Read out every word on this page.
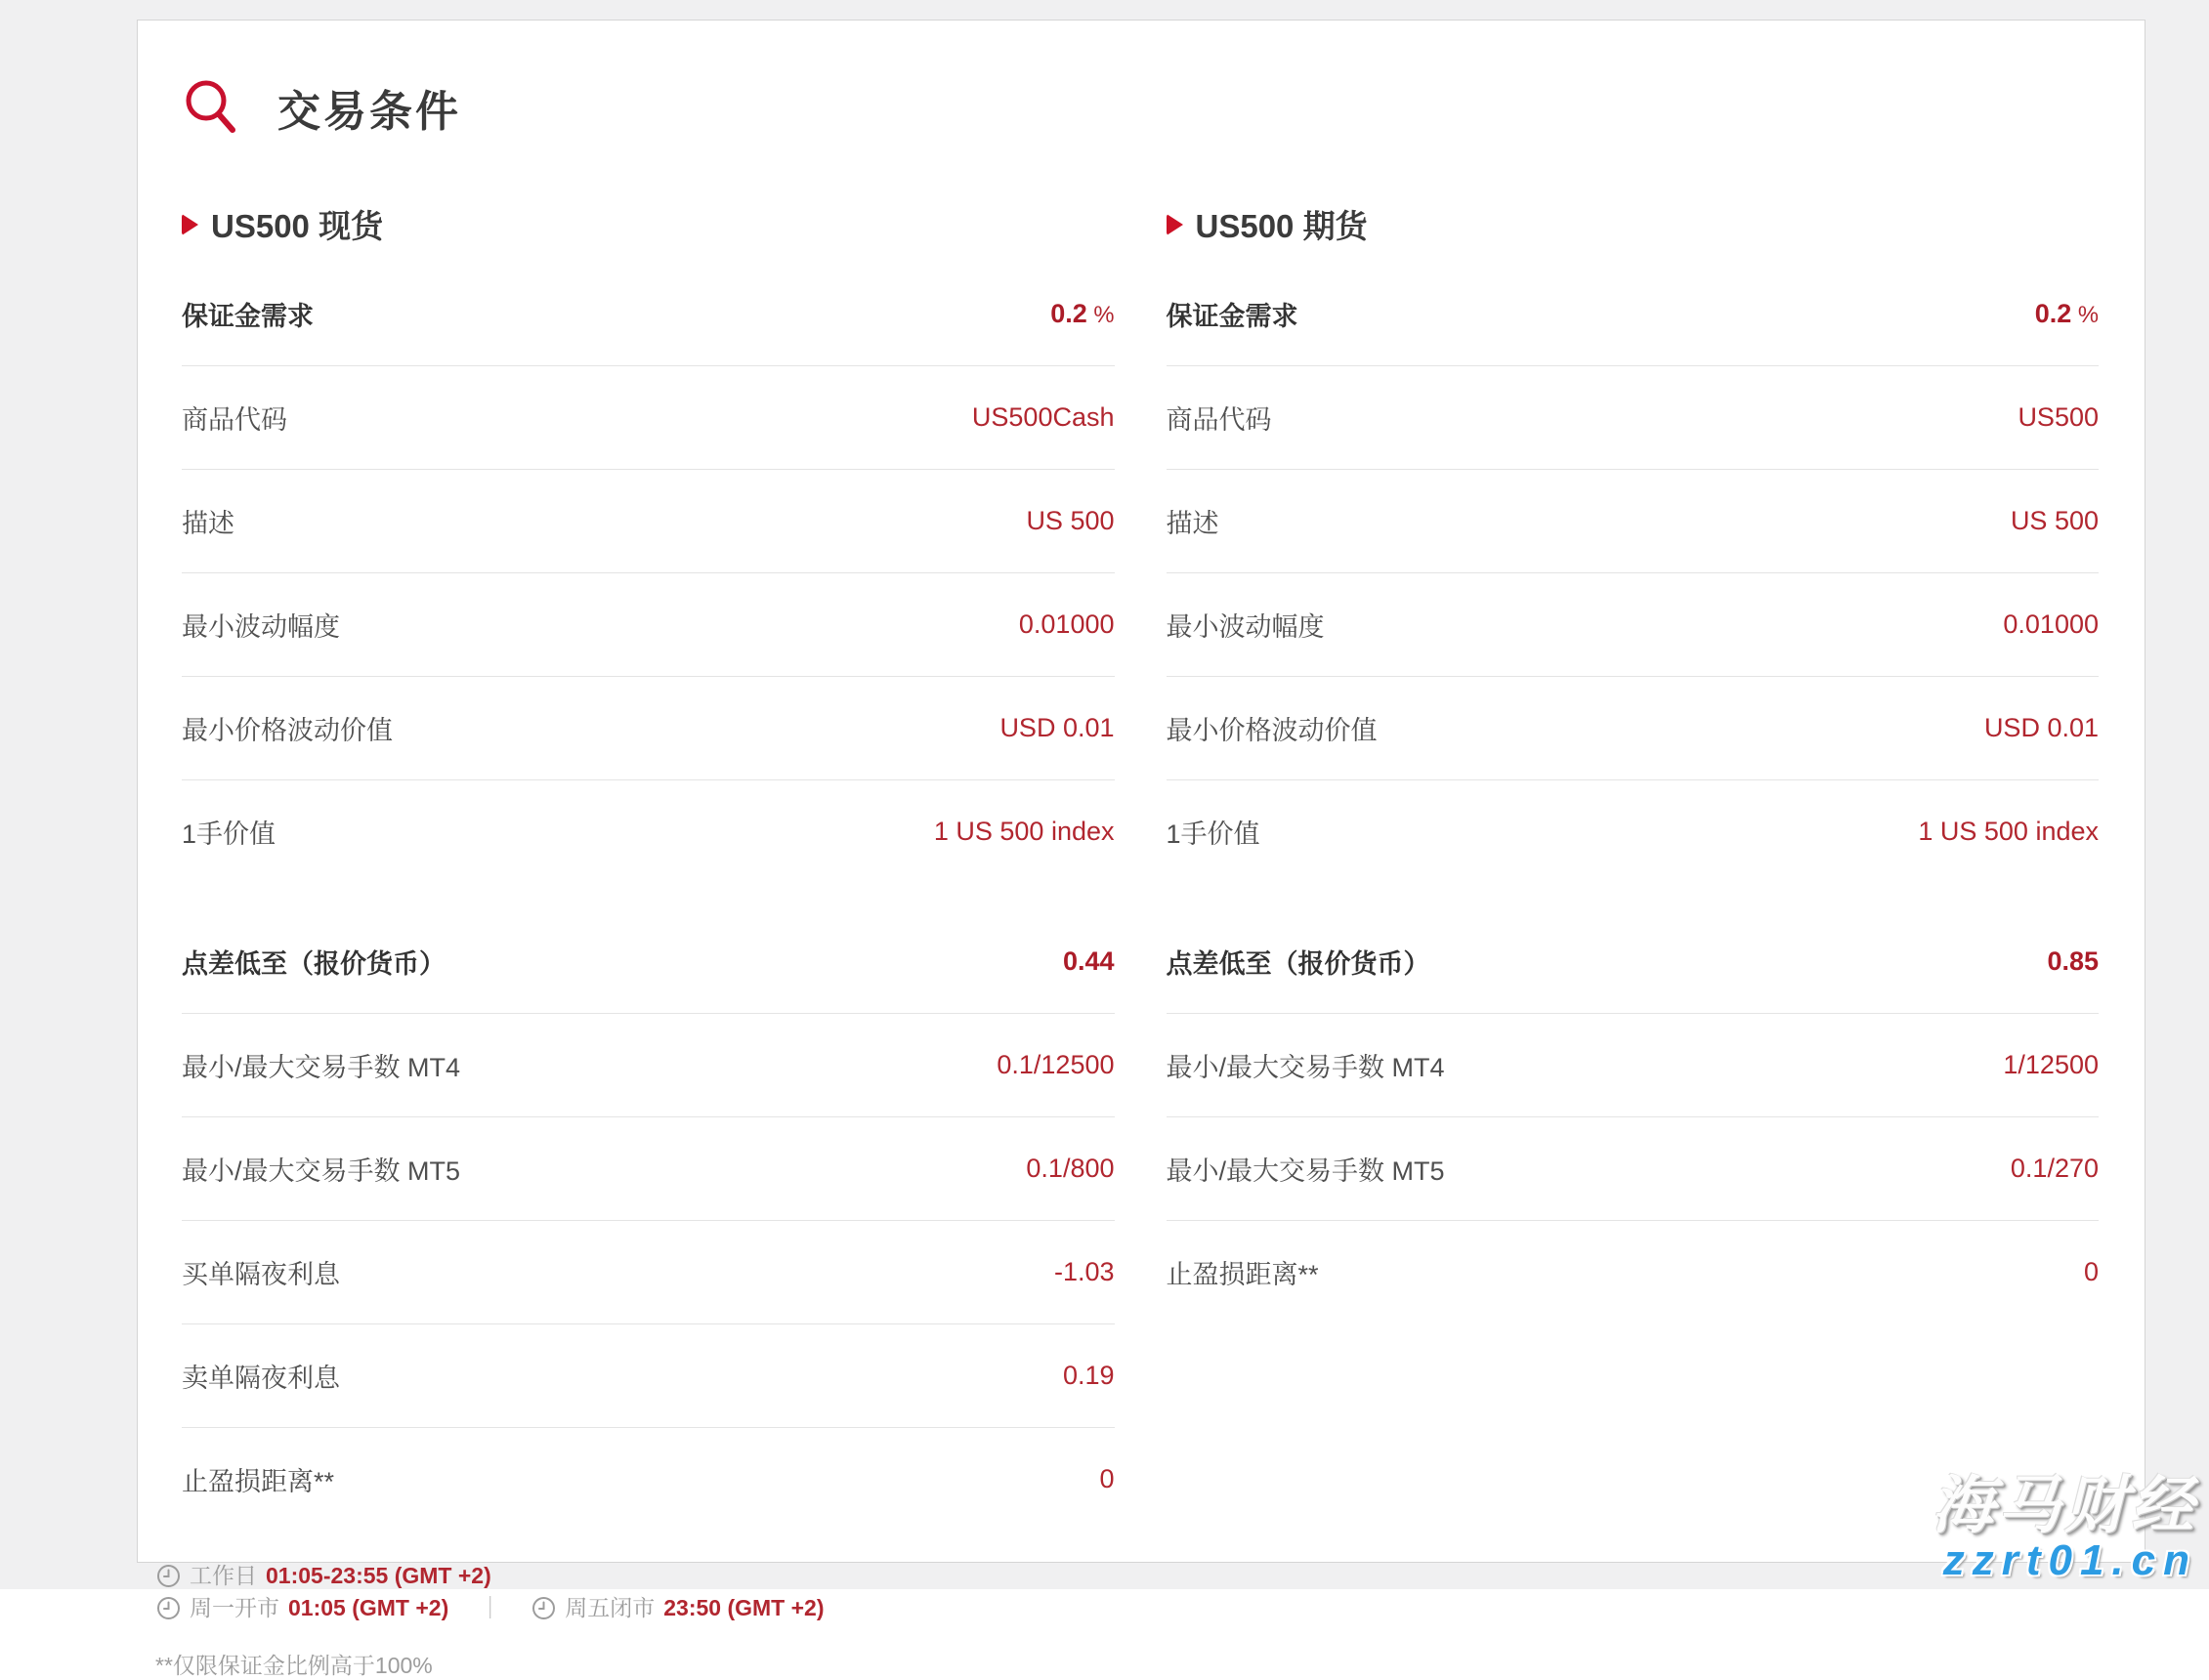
交易条件
US500 现货
保证金需求	0.2 %
商品代码	US500Cash
描述	US 500
最小波动幅度	0.01000
最小价格波动价值	USD 0.01
1手价值	1 US 500 index
点差低至（报价货币）	0.44
最小/最大交易手数 MT4	0.1/12500
最小/最大交易手数 MT5	0.1/800
买单隔夜利息	-1.03
卖单隔夜利息	0.19
止盈损距离**	0
工作日 01:05-23:55 (GMT +2)
周一开市 01:05 (GMT +2) ｜	周五闭市 23:50 (GMT +2)
**仅限保证金比例高于100%
US500 期货
保证金需求	0.2 %
商品代码	US500
描述	US 500
最小波动幅度	0.01000
最小价格波动价值	USD 0.01
1手价值	1 US 500 index
点差低至（报价货币）	0.85
最小/最大交易手数 MT4	1/12500
最小/最大交易手数 MT5	0.1/270
止盈损距离**	0
海马财经
zzrt01.cn
